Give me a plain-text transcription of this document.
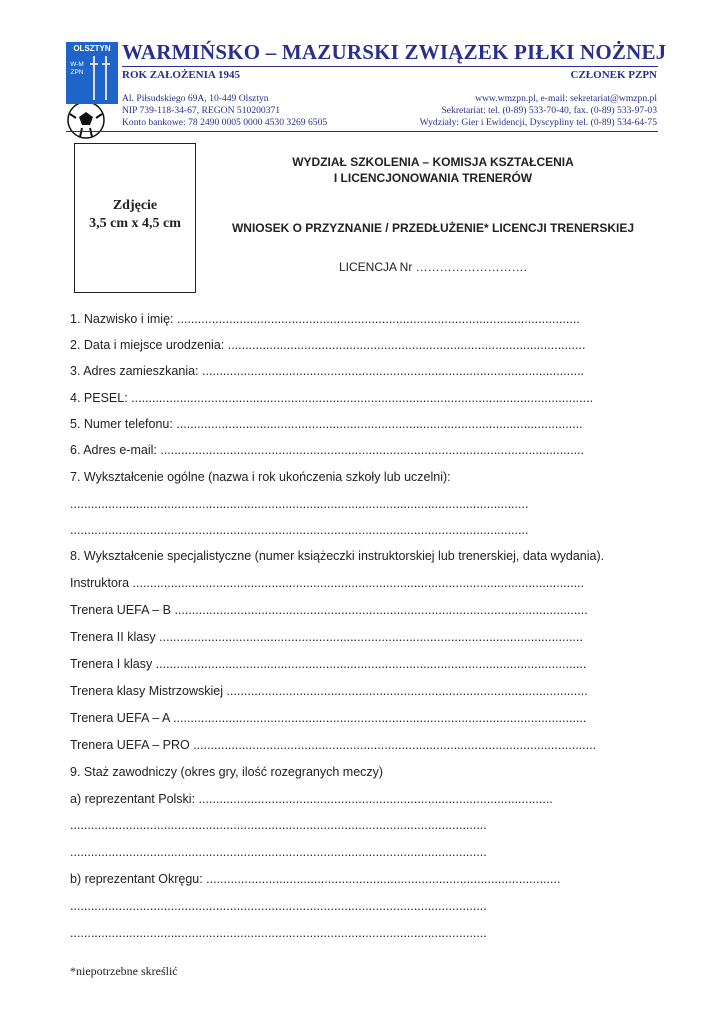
OLSZTYN
W-M
ZPN
WARMIŃSKO – MAZURSKI ZWIĄZEK PIŁKI NOŻNEJ
ROK ZAŁOŻENIA 1945	CZŁONEK PZPN
Al. Piłsudskiego 69A, 10-449 Olsztyn
NIP 739-118-34-67, REGON 510200371
Konto bankowe: 78 2490 0005 0000 4530 3269 6505
www.wmzpn.pl, e-mail: sekretariat@wmzpn.pl
Sekretariat: tel. (0-89) 533-70-40, fax. (0-89) 533-97-03
Wydziały: Gier i Ewidencji, Dyscypliny tel. (0-89) 534-64-75
Zdjęcie
3,5 cm x 4,5 cm
WYDZIAŁ SZKOLENIA – KOMISJA KSZTAŁCENIA
I LICENCJONOWANIA TRENERÓW
WNIOSEK O PRZYZNANIE / PRZEDŁUŻENIE* LICENCJI TRENERSKIEJ
LICENCJA Nr ……………………….
1. Nazwisko i imię: ....................................................................................................................
2. Data i miejsce urodzenia: .......................................................................................................
3. Adres zamieszkania: ..............................................................................................................
4. PESEL: .....................................................................................................................................
5. Numer telefonu: .....................................................................................................................
6. Adres e-mail: ..........................................................................................................................
7. Wykształcenie ogólne (nazwa i rok ukończenia szkoły lub uczelni):
....................................................................................................................................
....................................................................................................................................
8. Wykształcenie specjalistyczne (numer książeczki instruktorskiej lub trenerskiej, data wydania).
Instruktora ..................................................................................................................................
Trenera UEFA – B .......................................................................................................................
Trenera II klasy ..........................................................................................................................
Trenera I klasy ............................................................................................................................
Trenera klasy Mistrzowskiej ........................................................................................................
Trenera UEFA – A .......................................................................................................................
Trenera UEFA – PRO ....................................................................................................................
9. Staż zawodniczy (okres gry, ilość rozegranych meczy)
a) reprezentant Polski: ......................................................................................................
........................................................................................................................
........................................................................................................................
b) reprezentant Okręgu: ......................................................................................................
........................................................................................................................
........................................................................................................................
*niepotrzebne skreślić
